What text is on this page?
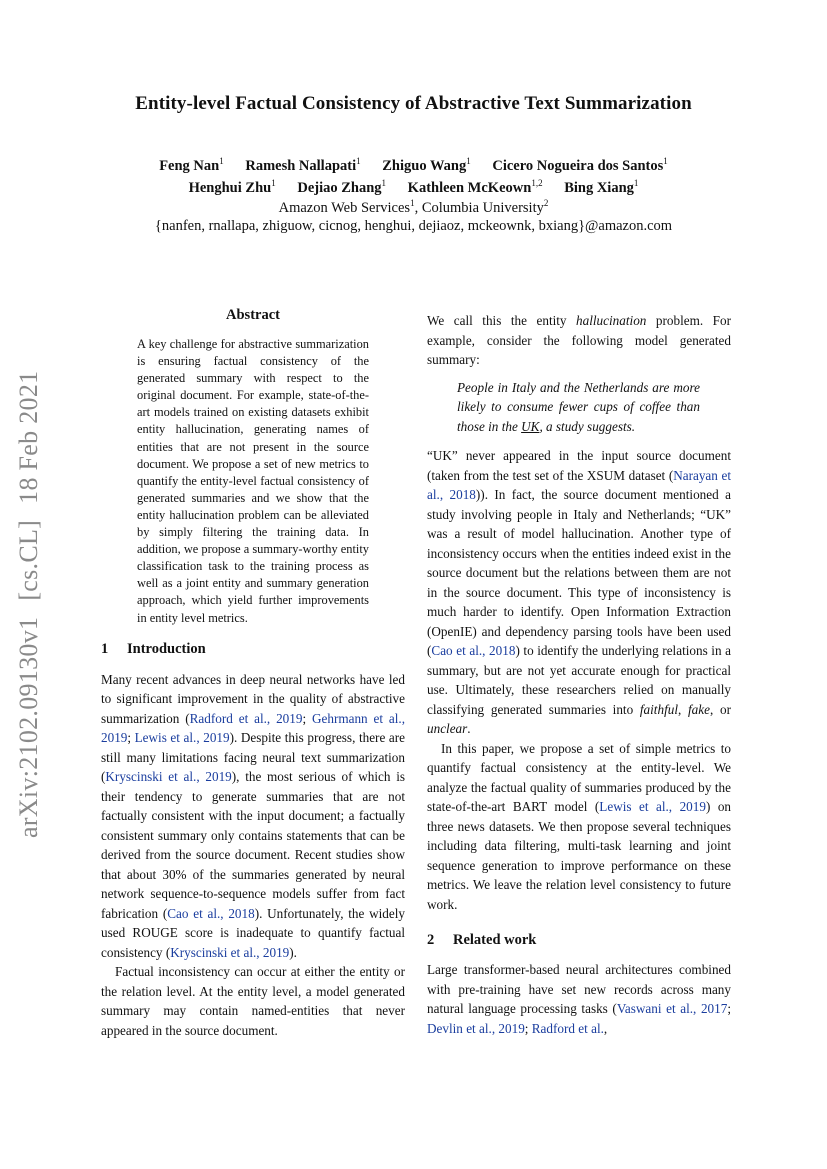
Entity-level Factual Consistency of Abstractive Text Summarization
Feng Nan$^1$ Ramesh Nallapati$^1$ Zhiguo Wang$^1$ Cicero Nogueira dos Santos$^1$
Henghui Zhu$^1$ Dejiao Zhang$^1$ Kathleen McKeown$^{1,2}$ Bing Xiang$^1$
Amazon Web Services$^1$, Columbia University$^2$
{nanfen, rnallapa, zhiguow, cicnog, henghui, dejiaoz, mckeownk, bxiang}@amazon.com
arXiv:2102.09130v1[cs.CL]18 Feb 2021
Abstract

A key challenge for abstractive summarization is ensuring factual consistency of the generated summary with respect to the original document. For example, state-of-the-art models trained on existing datasets exhibit entity hallucination, generating names of entities that are not present in the source document. We propose a set of new metrics to quantify the entity-level factual consistency of generated summaries and we show that the entity hallucination problem can be alleviated by simply filtering the training data. In addition, we propose a summary-worthy entity classification task to the training process as well as a joint entity and summary generation approach, which yield further improvements in entity level metrics.

1 Introduction

Many recent advances in deep neural networks have led to significant improvement in the quality of abstractive summarization (Radford et al., 2019; Gehrmann et al., 2019; Lewis et al., 2019). Despite this progress, there are still many limitations facing neural text summarization (Kryscinski et al., 2019), the most serious of which is their tendency to generate summaries that are not factually consistent with the input document; a factually consistent summary only contains statements that can be derived from the source document. Recent studies show that about 30% of the summaries generated by neural network sequence-to-sequence models suffer from fact fabrication (Cao et al., 2018). Unfortunately, the widely used ROUGE score is inadequate to quantify factual consistency (Kryscinski et al., 2019).

Factual inconsistency can occur at either the entity or the relation level. At the entity level, a model generated summary may contain named-entities that never appeared in the source document.

We call this the entity hallucination problem. For example, consider the following model generated summary:

People in Italy and the Netherlands are more likely to consume fewer cups of coffee than those in the UK, a study suggests.

“UK” never appeared in the input source document (taken from the test set of the XSUM dataset (Narayan et al., 2018)). In fact, the source document mentioned a study involving people in Italy and Netherlands; “UK” was a result of model hallucination. Another type of inconsistency occurs when the entities indeed exist in the source document but the relations between them are not in the source document. This type of inconsistency is much harder to identify. Open Information Extraction (OpenIE) and dependency parsing tools have been used (Cao et al., 2018) to identify the underlying relations in a summary, but are not yet accurate enough for practical use. Ultimately, these researchers relied on manually classifying generated summaries into faithful, fake, or unclear.

In this paper, we propose a set of simple metrics to quantify factual consistency at the entity-level. We analyze the factual quality of summaries produced by the state-of-the-art BART model (Lewis et al., 2019) on three news datasets. We then propose several techniques including data filtering, multi-task learning and joint sequence generation to improve performance on these metrics. We leave the relation level consistency to future work.

2 Related work

Large transformer-based neural architectures combined with pre-training have set new records across many natural language processing tasks (Vaswani et al., 2017; Devlin et al., 2019; Radford et al.,
